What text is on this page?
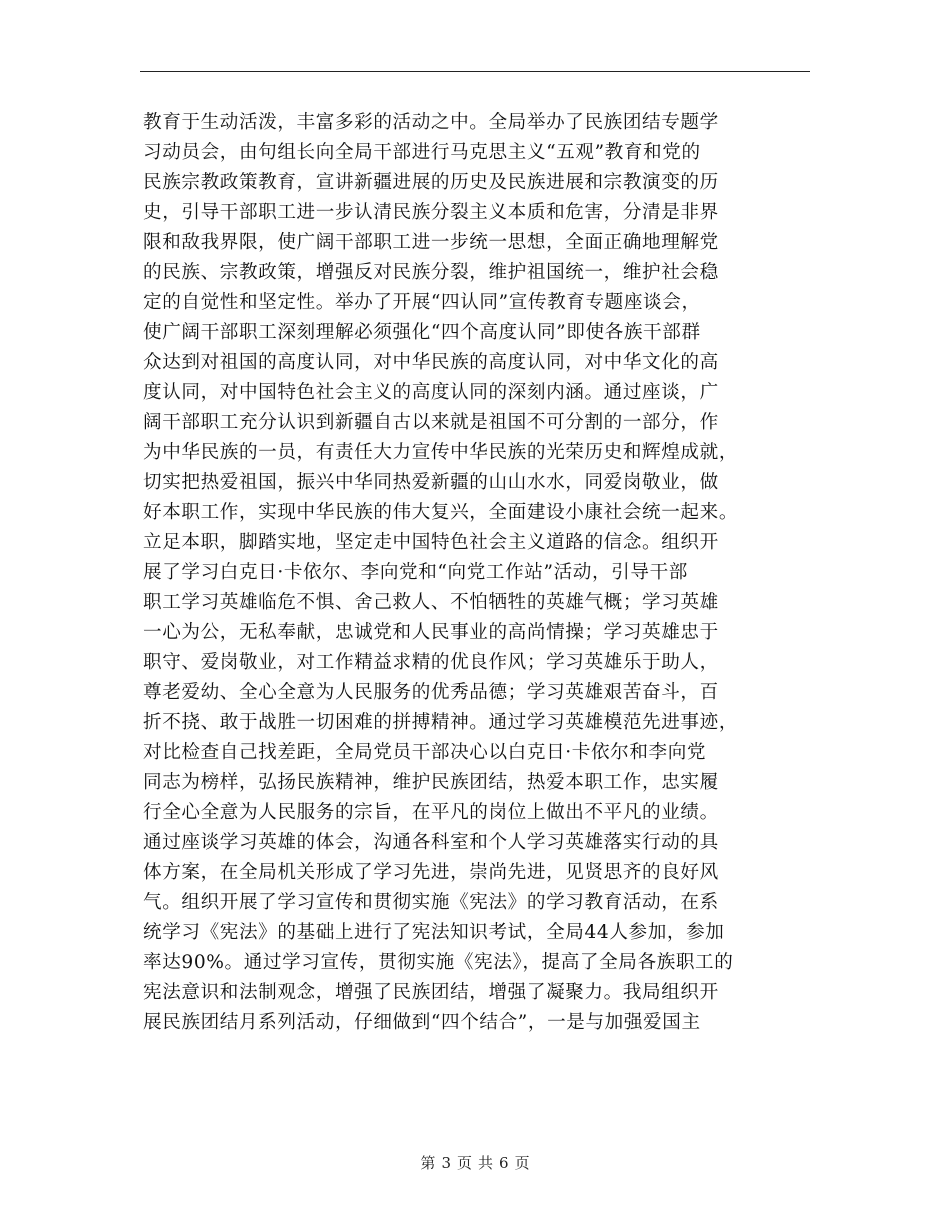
教育于生动活泼，丰富多彩的活动之中。全局举办了民族团结专题学
习动员会，由句组长向全局干部进行马克思主义“五观”教育和党的
民族宗教政策教育，宣讲新疆进展的历史及民族进展和宗教演变的历
史，引导干部职工进一步认清民族分裂主义本质和危害，分清是非界
限和敌我界限，使广阔干部职工进一步统一思想，全面正确地理解党
的民族、宗教政策，增强反对民族分裂，维护祖国统一，维护社会稳
定的自觉性和坚定性。举办了开展“四认同”宣传教育专题座谈会，
使广阔干部职工深刻理解必须强化“四个高度认同”即使各族干部群
众达到对祖国的高度认同，对中华民族的高度认同，对中华文化的高
度认同，对中国特色社会主义的高度认同的深刻内涵。通过座谈，广
阔干部职工充分认识到新疆自古以来就是祖国不可分割的一部分，作
为中华民族的一员，有责任大力宣传中华民族的光荣历史和辉煌成就，
切实把热爱祖国，振兴中华同热爱新疆的山山水水，同爱岗敬业，做
好本职工作，实现中华民族的伟大复兴，全面建设小康社会统一起来。
立足本职，脚踏实地，坚定走中国特色社会主义道路的信念。组织开
展了学习白克日·卡依尔、李向党和“向党工作站”活动，引导干部
职工学习英雄临危不惧、舍己救人、不怕牺牲的英雄气概；学习英雄
一心为公，无私奉献，忠诚党和人民事业的高尚情操；学习英雄忠于
职守、爱岗敬业，对工作精益求精的优良作风；学习英雄乐于助人，
尊老爱幼、全心全意为人民服务的优秀品德；学习英雄艰苦奋斗，百
折不挠、敢于战胜一切困难的拼搏精神。通过学习英雄模范先进事迹，
对比检查自己找差距，全局党员干部决心以白克日·卡依尔和李向党
同志为榜样，弘扬民族精神，维护民族团结，热爱本职工作，忠实履
行全心全意为人民服务的宗旨，在平凡的岗位上做出不平凡的业绩。
通过座谈学习英雄的体会，沟通各科室和个人学习英雄落实行动的具
体方案，在全局机关形成了学习先进，崇尚先进，见贤思齐的良好风
气。组织开展了学习宣传和贯彻实施《宪法》的学习教育活动，在系
统学习《宪法》的基础上进行了宪法知识考试，全局44人参加，参加
率达90%。通过学习宣传，贯彻实施《宪法》，提高了全局各族职工的
宪法意识和法制观念，增强了民族团结，增强了凝聚力。我局组织开
展民族团结月系列活动，仔细做到“四个结合”，一是与加强爱国主
第 3 页 共 6 页
